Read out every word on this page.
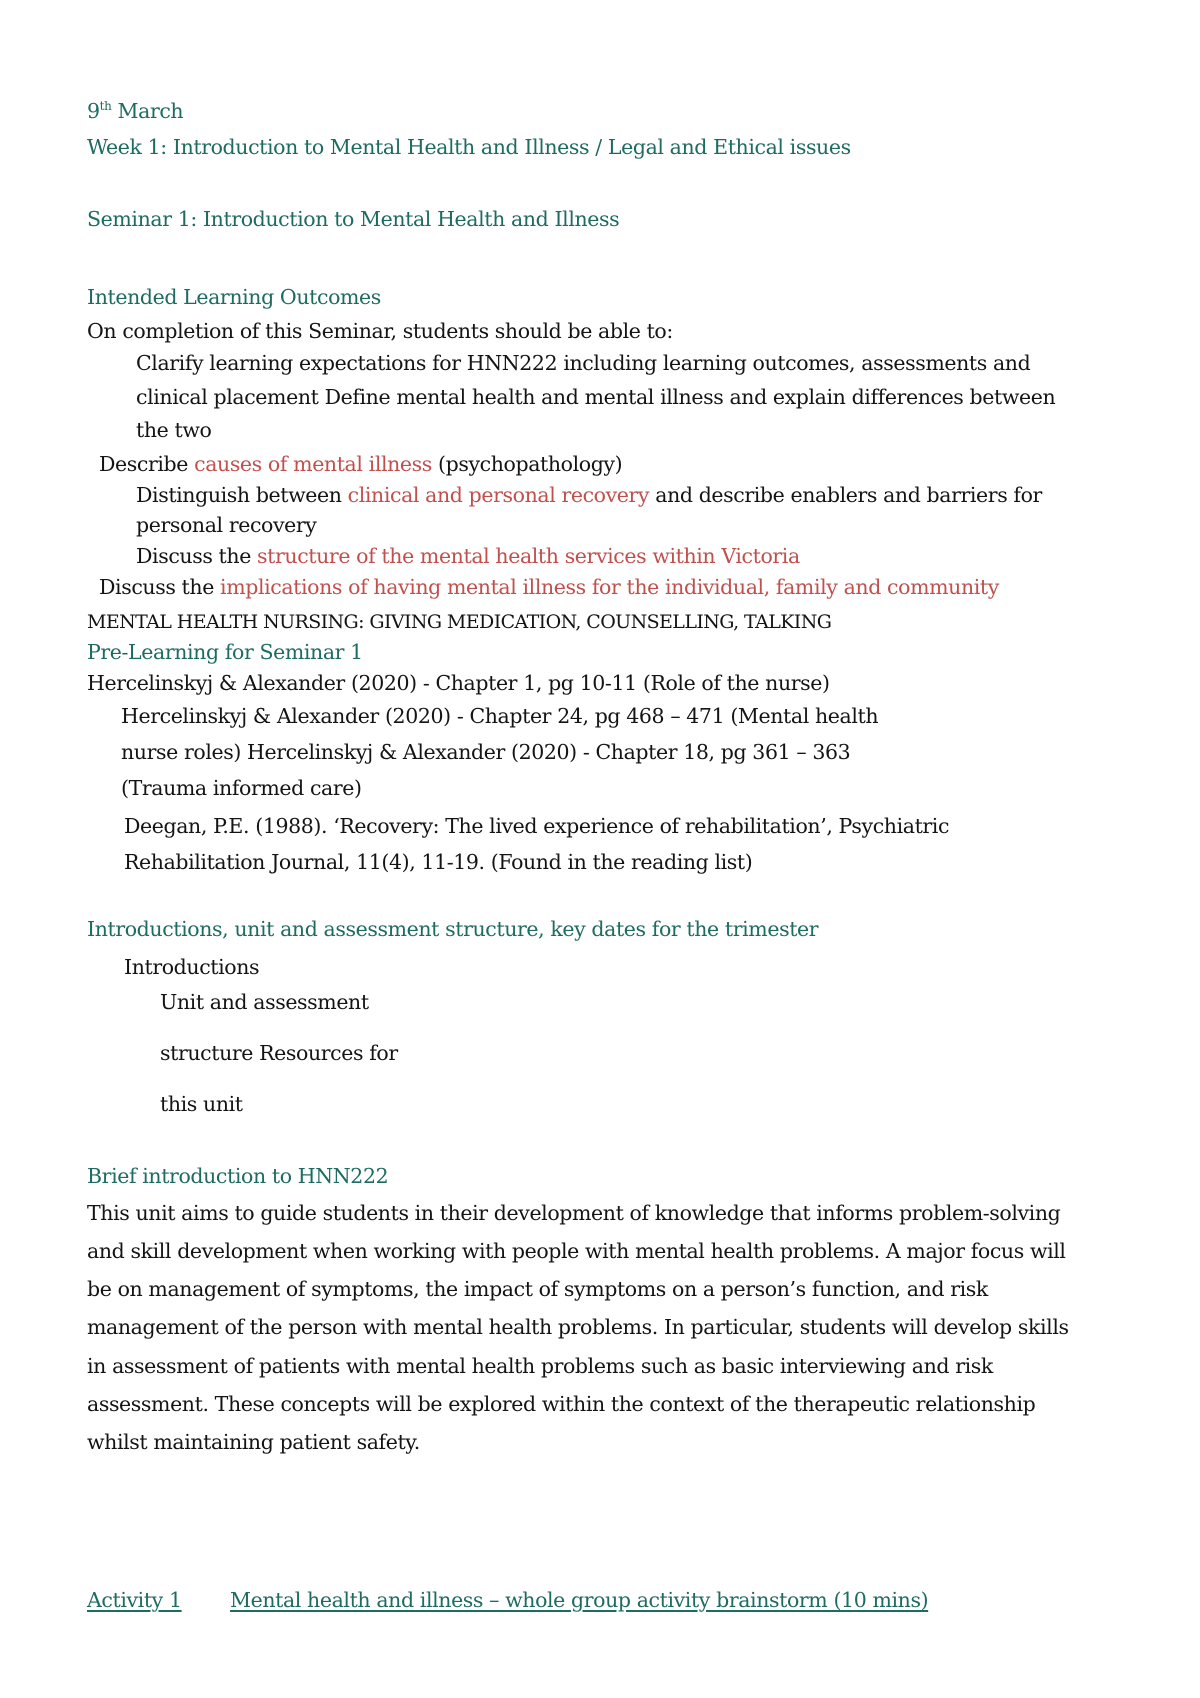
9th March
Week 1: Introduction to Mental Health and Illness / Legal and Ethical issues
Seminar 1: Introduction to Mental Health and Illness
Intended Learning Outcomes
On completion of this Seminar, students should be able to:
Clarify learning expectations for HNN222 including learning outcomes, assessments and
clinical placement Define mental health and mental illness and explain differences between
the two
Describe causes of mental illness (psychopathology)
Distinguish between clinical and personal recovery and describe enablers and barriers for
personal recovery
Discuss the structure of the mental health services within Victoria
Discuss the implications of having mental illness for the individual, family and community
MENTAL HEALTH NURSING: GIVING MEDICATION, COUNSELLING, TALKING
Pre-Learning for Seminar 1
Hercelinskyj & Alexander (2020) - Chapter 1, pg 10-11 (Role of the nurse)
Hercelinskyj & Alexander (2020) - Chapter 24, pg 468 – 471 (Mental health
nurse roles) Hercelinskyj & Alexander (2020) - Chapter 18, pg 361 – 363
(Trauma informed care)
Deegan, P.E. (1988). ‘Recovery: The lived experience of rehabilitation’, Psychiatric
Rehabilitation Journal, 11(4), 11-19. (Found in the reading list)
Introductions, unit and assessment structure, key dates for the trimester
Introductions
Unit and assessment
structure Resources for
this unit
Brief introduction to HNN222
This unit aims to guide students in their development of knowledge that informs problem-solving
and skill development when working with people with mental health problems. A major focus will
be on management of symptoms, the impact of symptoms on a person’s function, and risk
management of the person with mental health problems. In particular, students will develop skills
in assessment of patients with mental health problems such as basic interviewing and risk
assessment. These concepts will be explored within the context of the therapeutic relationship
whilst maintaining patient safety.
Activity 1 Mental health and illness – whole group activity brainstorm (10 mins)
